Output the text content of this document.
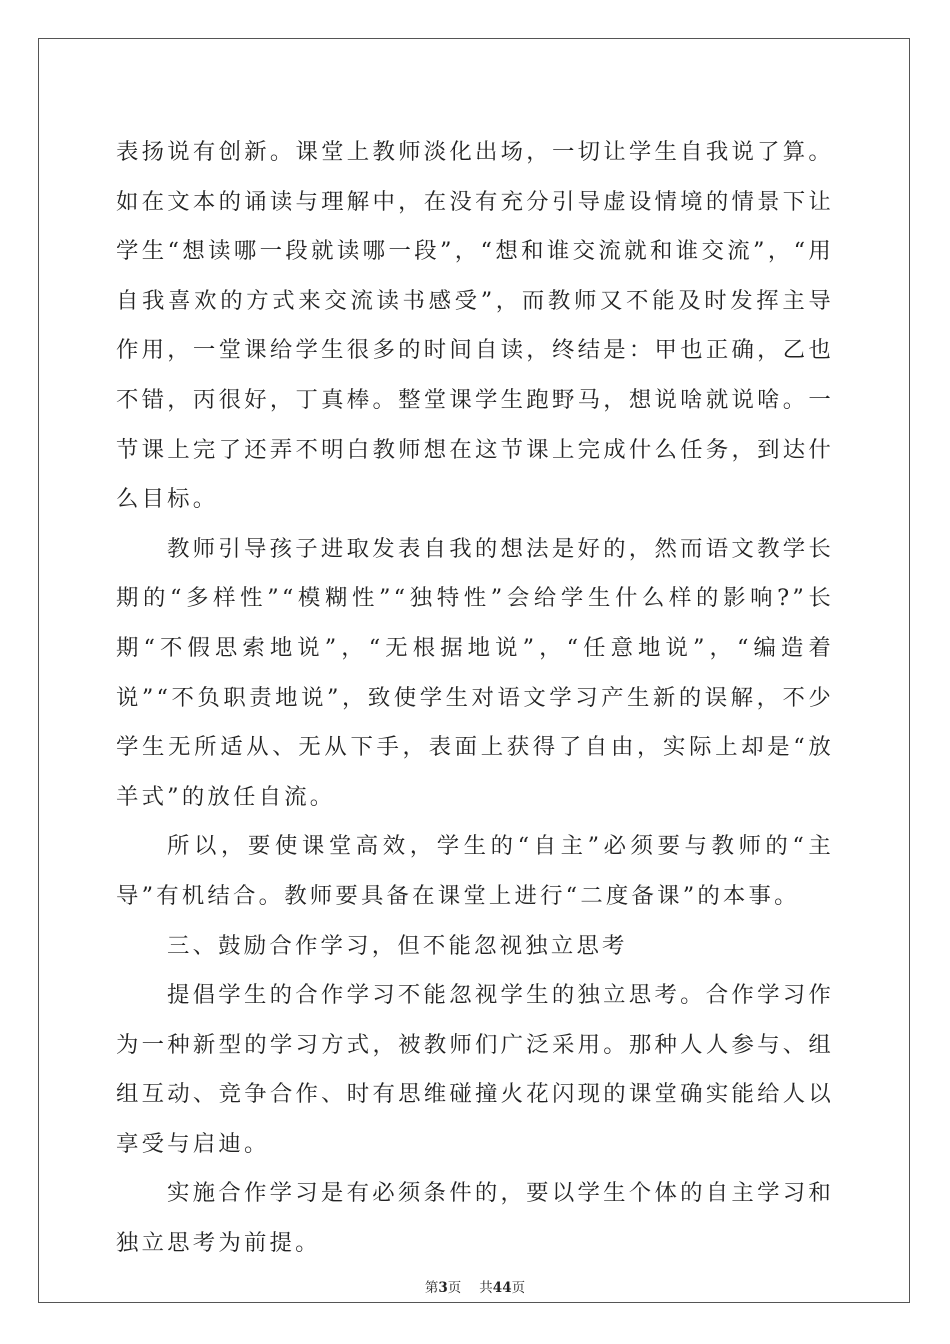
表扬说有创新。课堂上教师淡化出场，一切让学生自我说了算。如在文本的诵读与理解中，在没有充分引导虚设情境的情景下让学生“想读哪一段就读哪一段”，“想和谁交流就和谁交流”，“用自我喜欢的方式来交流读书感受”，而教师又不能及时发挥主导作用，一堂课给学生很多的时间自读，终结是：甲也正确，乙也不错，丙很好，丁真棒。整堂课学生跑野马，想说啥就说啥。一节课上完了还弄不明白教师想在这节课上完成什么任务，到达什么目标。

教师引导孩子进取发表自我的想法是好的，然而语文教学长期的“多样性”“模糊性”“独特性”会给学生什么样的影响?”长期“不假思索地说”，“无根据地说”，“任意地说”，“编造着说”“不负职责地说”，致使学生对语文学习产生新的误解，不少学生无所适从、无从下手，表面上获得了自由，实际上却是“放羊式”的放任自流。

所以，要使课堂高效，学生的“自主”必须要与教师的“主导”有机结合。教师要具备在课堂上进行“二度备课”的本事。

三、鼓励合作学习，但不能忽视独立思考

提倡学生的合作学习不能忽视学生的独立思考。合作学习作为一种新型的学习方式，被教师们广泛采用。那种人人参与、组组互动、竞争合作、时有思维碰撞火花闪现的课堂确实能给人以享受与启迪。

实施合作学习是有必须条件的，要以学生个体的自主学习和独立思考为前提。

第3页 共44页
